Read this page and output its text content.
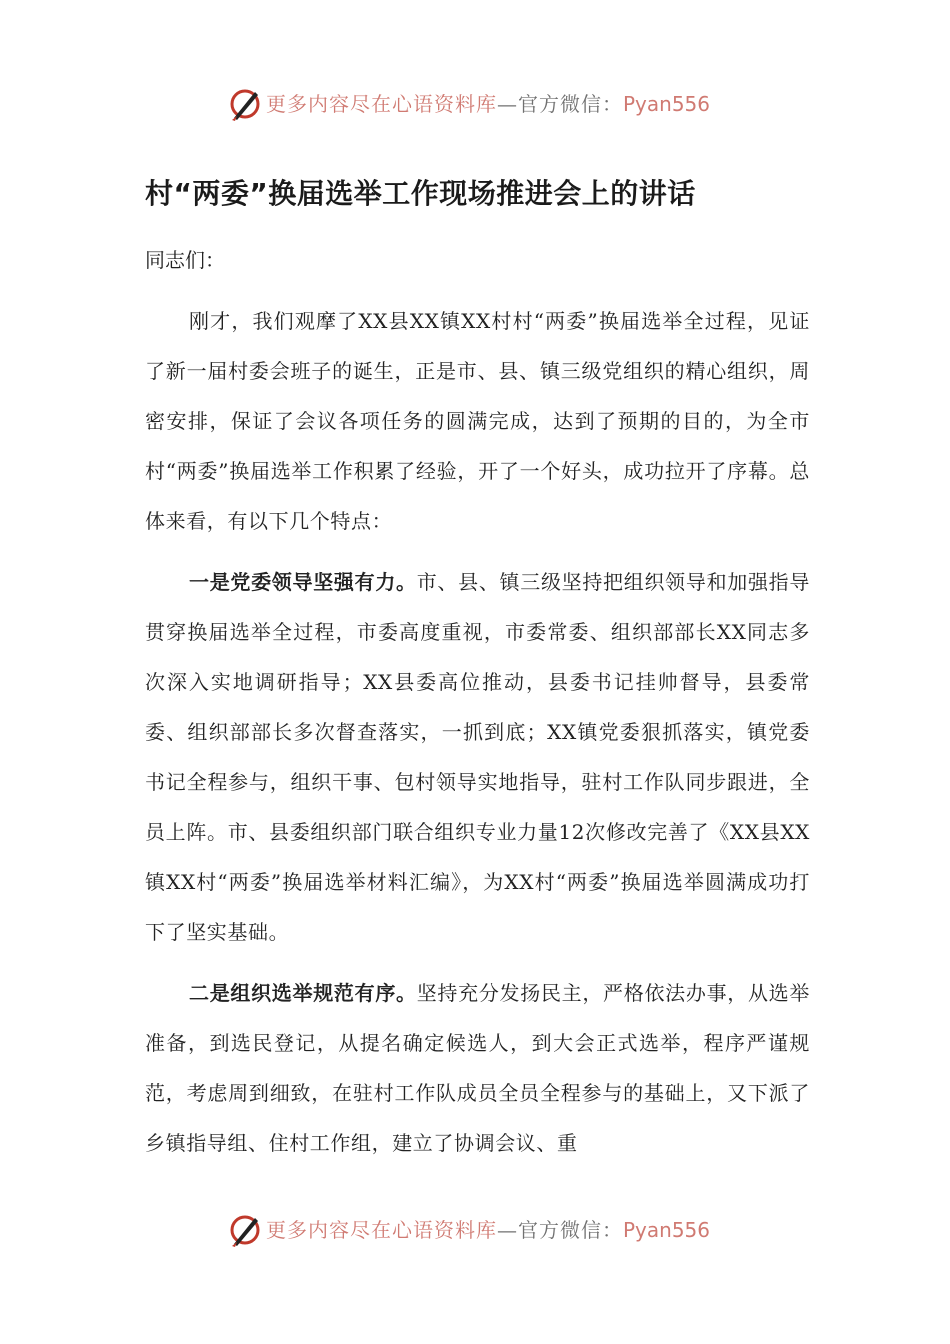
更多内容尽在心语资料库—官方微信：Pyan556
村“两委”换届选举工作现场推进会上的讲话

同志们：

刚才，我们观摩了XX县XX镇XX村村“两委”换届选举全过程，见证了新一届村委会班子的诞生，正是市、县、镇三级党组织的精心组织，周密安排，保证了会议各项任务的圆满完成，达到了预期的目的，为全市村“两委”换届选举工作积累了经验，开了一个好头，成功拉开了序幕。总体来看，有以下几个特点：

一是党委领导坚强有力。市、县、镇三级坚持把组织领导和加强指导贯穿换届选举全过程，市委高度重视，市委常委、组织部部长XX同志多次深入实地调研指导；XX县委高位推动，县委书记挂帅督导，县委常委、组织部部长多次督查落实，一抓到底；XX镇党委狠抓落实，镇党委书记全程参与，组织干事、包村领导实地指导，驻村工作队同步跟进，全员上阵。市、县委组织部门联合组织专业力量12次修改完善了《XX县XX镇XX村“两委”换届选举材料汇编》，为XX村“两委”换届选举圆满成功打下了坚实基础。

二是组织选举规范有序。坚持充分发扬民主，严格依法办事，从选举准备，到选民登记，从提名确定候选人，到大会正式选举，程序严谨规范，考虑周到细致，在驻村工作队成员全员全程参与的基础上，又下派了乡镇指导组、住村工作组，建立了协调会议、重

更多内容尽在心语资料库—官方微信：Pyan556
